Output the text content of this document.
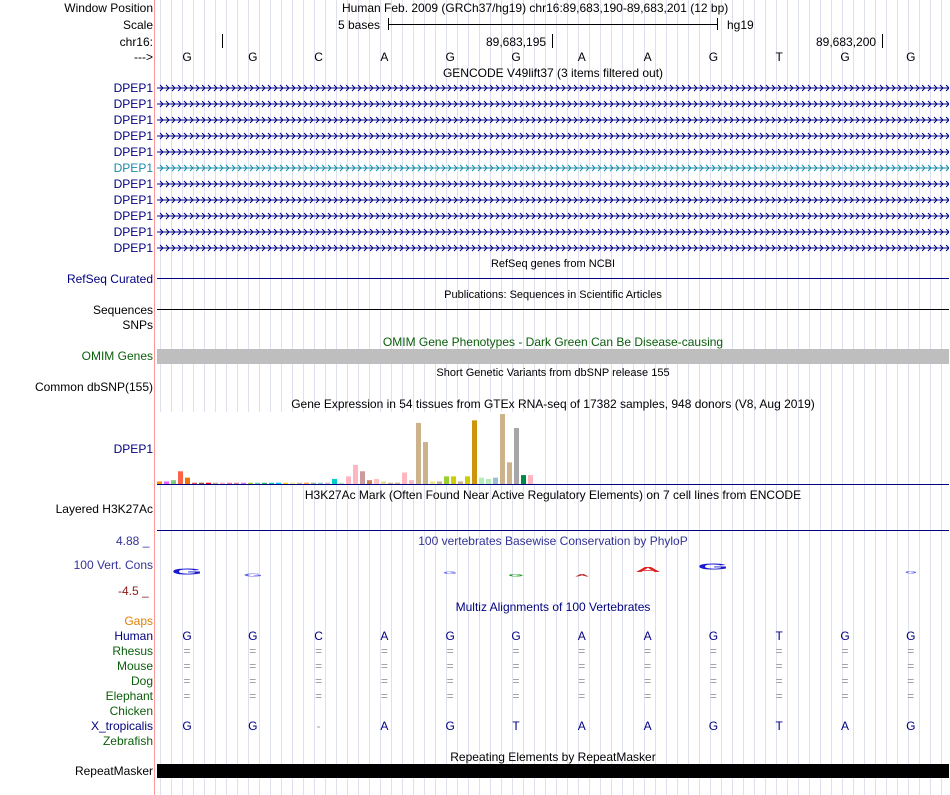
Window Position	Human Feb. 2009 (GRCh37/hg19) chr16:89,683,190-89,683,201 (12 bp)
Scale	5 bases	hg19
chr16:	89,683,195	89,683,200
--->	G	G	C	A	G	G	A	A	G	T	G	G
GENCODE V49lift37 (3 items filtered out)
DPEP1
DPEP1
DPEP1
DPEP1
DPEP1
DPEP1
DPEP1
DPEP1
DPEP1
DPEP1
DPEP1
RefSeq genes from NCBI
RefSeq Curated
Publications: Sequences in Scientific Articles
Sequences
SNPs
OMIM Gene Phenotypes - Dark Green Can Be Disease-causing
OMIM Genes
Short Genetic Variants from dbSNP release 155
Common dbSNP(155)
Gene Expression in 54 tissues from GTEx RNA-seq of 17382 samples, 948 donors (V8, Aug 2019)
DPEP1
H3K27Ac Mark (Often Found Near Active Regulatory Elements) on 7 cell lines from ENCODE
Layered H3K27Ac
100 vertebrates Basewise Conservation by PhyloP
4.88 _
100 Vert. Cons
-4.5 _
G	G	G	G	A
A	G
G
Multiz Alignments of 100 Vertebrates
Gaps
Human	G	G	C	A	G	G	A	A	G	T	G	G
Rhesus	=	=	=	=	=	=	=	=	=	=	=	=
Mouse	=	=	=	=	=	=	=	=	=	=	=	=
Dog	=	=	=	=	=	=	=	=	=	=	=	=
Elephant	=	=	=	=	=	=	=	=	=	=	=	=
Chicken
X_tropicalis	G	G	-	A	G	T	A	A	G	T	A	G
Zebrafish
Repeating Elements by RepeatMasker
RepeatMasker
